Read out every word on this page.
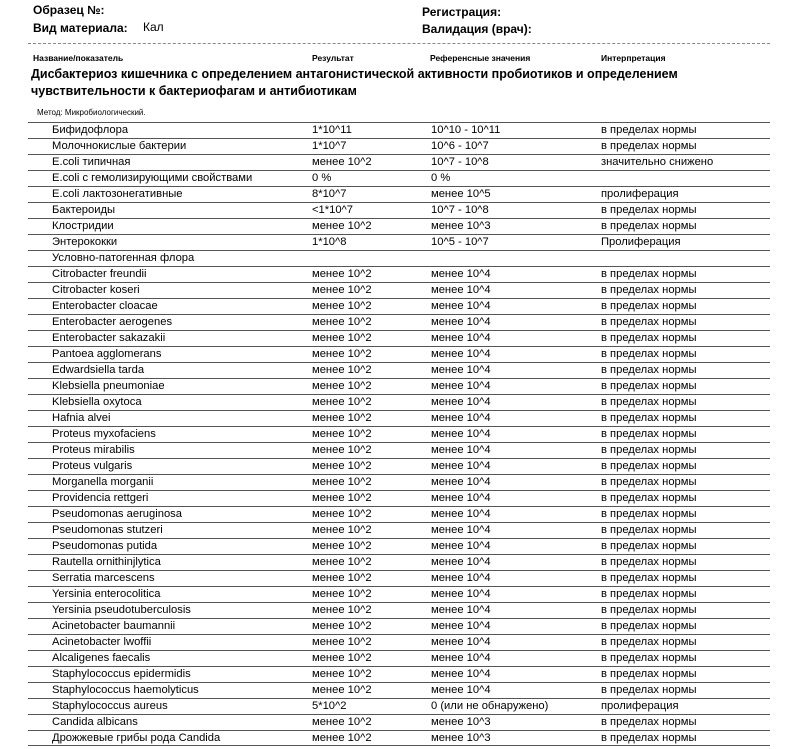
Образец №:
Вид материала: Кал
Регистрация:
Валидация (врач):
Название/показатель	Результат	Референсные значения	Интерпретация
Дисбактериоз кишечника с определением антагонистической активности пробиотиков и определением чувствительности к бактериофагам и антибиотикам
Метод: Микробиологический.
Бифидофлора	1*10^11	10^10 - 10^11	в пределах нормы
Молочнокислые бактерии	1*10^7	10^6 - 10^7	в пределах нормы
E.coli типичная	менее 10^2	10^7 - 10^8	значительно снижено
E.coli с гемолизирующими свойствами	0 %	0 %
E.coli лактозонегативные	8*10^7	менее 10^5	пролиферация
Бактероиды	<1*10^7	10^7 - 10^8	в пределах нормы
Клостридии	менее 10^2	менее 10^3	в пределах нормы
Энтерококки	1*10^8	10^5 - 10^7	Пролиферация
Условно-патогенная флора
Citrobacter freundii	менее 10^2	менее 10^4	в пределах нормы
Citrobacter koseri	менее 10^2	менее 10^4	в пределах нормы
Enterobacter cloacae	менее 10^2	менее 10^4	в пределах нормы
Enterobacter aerogenes	менее 10^2	менее 10^4	в пределах нормы
Enterobacter sakazakii	менее 10^2	менее 10^4	в пределах нормы
Pantoea agglomerans	менее 10^2	менее 10^4	в пределах нормы
Edwardsiella tarda	менее 10^2	менее 10^4	в пределах нормы
Klebsiella pneumoniae	менее 10^2	менее 10^4	в пределах нормы
Klebsiella oxytoca	менее 10^2	менее 10^4	в пределах нормы
Hafnia alvei	менее 10^2	менее 10^4	в пределах нормы
Proteus myxofaciens	менее 10^2	менее 10^4	в пределах нормы
Proteus mirabilis	менее 10^2	менее 10^4	в пределах нормы
Proteus vulgaris	менее 10^2	менее 10^4	в пределах нормы
Morganella morganii	менее 10^2	менее 10^4	в пределах нормы
Providencia rettgeri	менее 10^2	менее 10^4	в пределах нормы
Pseudomonas aeruginosa	менее 10^2	менее 10^4	в пределах нормы
Pseudomonas stutzeri	менее 10^2	менее 10^4	в пределах нормы
Pseudomonas putida	менее 10^2	менее 10^4	в пределах нормы
Rautella ornithinjlytica	менее 10^2	менее 10^4	в пределах нормы
Serratia marcescens	менее 10^2	менее 10^4	в пределах нормы
Yersinia enterocolitica	менее 10^2	менее 10^4	в пределах нормы
Yersinia pseudotuberculosis	менее 10^2	менее 10^4	в пределах нормы
Acinetobacter baumannii	менее 10^2	менее 10^4	в пределах нормы
Acinetobacter lwoffii	менее 10^2	менее 10^4	в пределах нормы
Alcaligenes faecalis	менее 10^2	менее 10^4	в пределах нормы
Staphylococcus epidermidis	менее 10^2	менее 10^4	в пределах нормы
Staphylococcus haemolyticus	менее 10^2	менее 10^4	в пределах нормы
Staphylococcus aureus	5*10^2	0 (или не обнаружено)	пролиферация
Candida albicans	менее 10^2	менее 10^3	в пределах нормы
Дрожжевые грибы рода Candida	менее 10^2	менее 10^3	в пределах нормы
